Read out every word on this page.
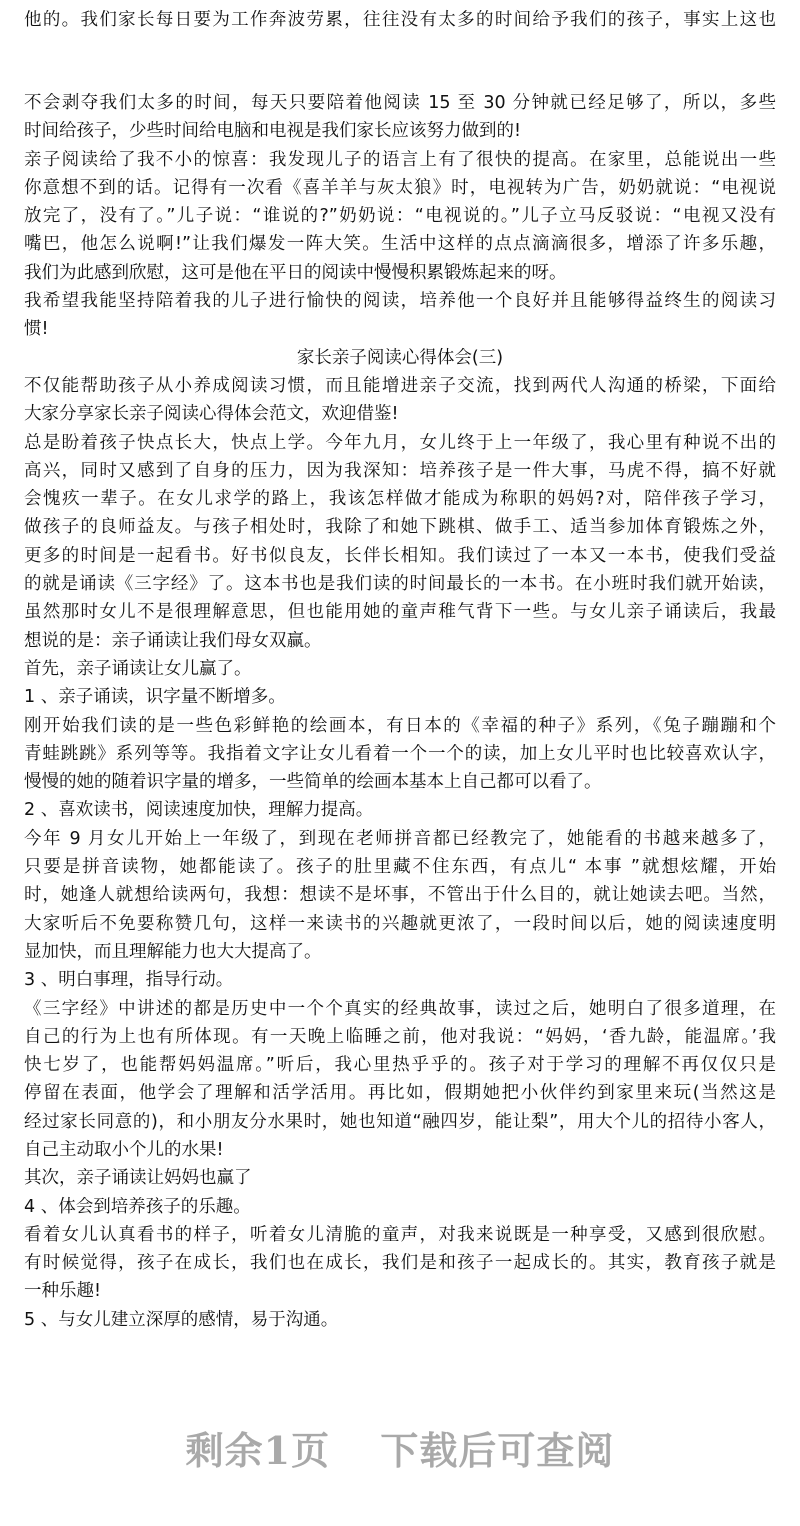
他的。我们家长每日要为工作奔波劳累，往往没有太多的时间给予我们的孩子，事实上这也
不会剥夺我们太多的时间，每天只要陪着他阅读 15 至 30 分钟就已经足够了，所以，多些
时间给孩子，少些时间给电脑和电视是我们家长应该努力做到的!
亲子阅读给了我不小的惊喜：我发现儿子的语言上有了很快的提高。在家里，总能说出一些
你意想不到的话。记得有一次看《喜羊羊与灰太狼》时，电视转为广告，奶奶就说：“电视说
放完了，没有了。”儿子说：“谁说的?”奶奶说：“电视说的。”儿子立马反驳说：“电视又没有
嘴巴，他怎么说啊!”让我们爆发一阵大笑。生活中这样的点点滴滴很多，增添了许多乐趣，
我们为此感到欣慰，这可是他在平日的阅读中慢慢积累锻炼起来的呀。
我希望我能坚持陪着我的儿子进行愉快的阅读，培养他一个良好并且能够得益终生的阅读习
惯!
家长亲子阅读心得体会(三)
不仅能帮助孩子从小养成阅读习惯，而且能增进亲子交流，找到两代人沟通的桥梁，下面给
大家分享家长亲子阅读心得体会范文，欢迎借鉴!
总是盼着孩子快点长大，快点上学。今年九月，女儿终于上一年级了，我心里有种说不出的
高兴，同时又感到了自身的压力，因为我深知：培养孩子是一件大事，马虎不得，搞不好就
会愧疚一辈子。在女儿求学的路上，我该怎样做才能成为称职的妈妈?对，陪伴孩子学习，
做孩子的良师益友。与孩子相处时，我除了和她下跳棋、做手工、适当参加体育锻炼之外，
更多的时间是一起看书。好书似良友，长伴长相知。我们读过了一本又一本书，使我们受益
的就是诵读《三字经》了。这本书也是我们读的时间最长的一本书。在小班时我们就开始读，
虽然那时女儿不是很理解意思，但也能用她的童声稚气背下一些。与女儿亲子诵读后，我最
想说的是：亲子诵读让我们母女双赢。
首先，亲子诵读让女儿赢了。
1 、亲子诵读，识字量不断增多。
刚开始我们读的是一些色彩鲜艳的绘画本，有日本的《幸福的种子》系列，《兔子蹦蹦和个
青蛙跳跳》系列等等。我指着文字让女儿看着一个一个的读，加上女儿平时也比较喜欢认字，
慢慢的她的随着识字量的增多，一些简单的绘画本基本上自己都可以看了。
2 、喜欢读书，阅读速度加快，理解力提高。
今年 9 月女儿开始上一年级了，到现在老师拼音都已经教完了，她能看的书越来越多了，
只要是拼音读物，她都能读了。孩子的肚里藏不住东西，有点儿“ 本事 ”就想炫耀，开始
时，她逢人就想给读两句，我想：想读不是坏事，不管出于什么目的，就让她读去吧。当然，
大家听后不免要称赞几句，这样一来读书的兴趣就更浓了，一段时间以后，她的阅读速度明
显加快，而且理解能力也大大提高了。
3 、明白事理，指导行动。
《三字经》中讲述的都是历史中一个个真实的经典故事，读过之后，她明白了很多道理，在
自己的行为上也有所体现。有一天晚上临睡之前，他对我说：“妈妈，‘香九龄，能温席。’我
快七岁了，也能帮妈妈温席。”听后，我心里热乎乎的。孩子对于学习的理解不再仅仅只是
停留在表面，他学会了理解和活学活用。再比如，假期她把小伙伴约到家里来玩(当然这是
经过家长同意的)，和小朋友分水果时，她也知道“融四岁，能让梨”，用大个儿的招待小客人，
自己主动取小个儿的水果!
其次，亲子诵读让妈妈也赢了
4 、体会到培养孩子的乐趣。
看着女儿认真看书的样子，听着女儿清脆的童声，对我来说既是一种享受，又感到很欣慰。
有时候觉得，孩子在成长，我们也在成长，我们是和孩子一起成长的。其实，教育孩子就是
一种乐趣!
5 、与女儿建立深厚的感情，易于沟通。
剩余1页 下载后可查阅
